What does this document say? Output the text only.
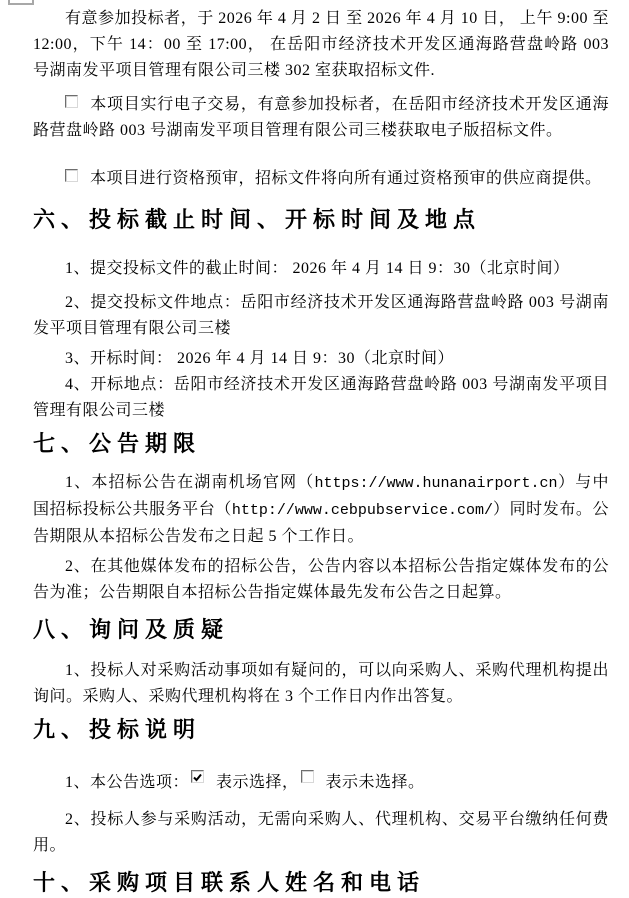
有意参加投标者，于 2026 年 4 月 2 日 至 2026 年 4 月 10 日， 上午 9:00 至 12:00，下午 14：00 至 17:00， 在岳阳市经济技术开发区通海路营盘岭路 003 号湖南发平项目管理有限公司三楼 302 室获取招标文件.

本项目实行电子交易，有意参加投标者，在岳阳市经济技术开发区通海路营盘岭路 003 号湖南发平项目管理有限公司三楼获取电子版招标文件。

本项目进行资格预审，招标文件将向所有通过资格预审的供应商提供。

六、投标截止时间、开标时间及地点

1、提交投标文件的截止时间： 2026 年 4 月 14 日 9：30（北京时间）

2、提交投标文件地点：岳阳市经济技术开发区通海路营盘岭路 003 号湖南发平项目管理有限公司三楼

3、开标时间： 2026 年 4 月 14 日 9：30（北京时间）

4、开标地点：岳阳市经济技术开发区通海路营盘岭路 003 号湖南发平项目管理有限公司三楼

七、公告期限

1、本招标公告在湖南机场官网（https://www.hunanairport.cn）与中国招标投标公共服务平台（http://www.cebpubservice.com/）同时发布。公告期限从本招标公告发布之日起 5 个工作日。

2、在其他媒体发布的招标公告，公告内容以本招标公告指定媒体发布的公告为准；公告期限自本招标公告指定媒体最先发布公告之日起算。

八、询问及质疑

1、投标人对采购活动事项如有疑问的，可以向采购人、采购代理机构提出询问。采购人、采购代理机构将在 3 个工作日内作出答复。

九、投标说明

1、本公告选项： 表示选择， 表示未选择。

2、投标人参与采购活动，无需向采购人、代理机构、交易平台缴纳任何费用。

十、采购项目联系人姓名和电话
